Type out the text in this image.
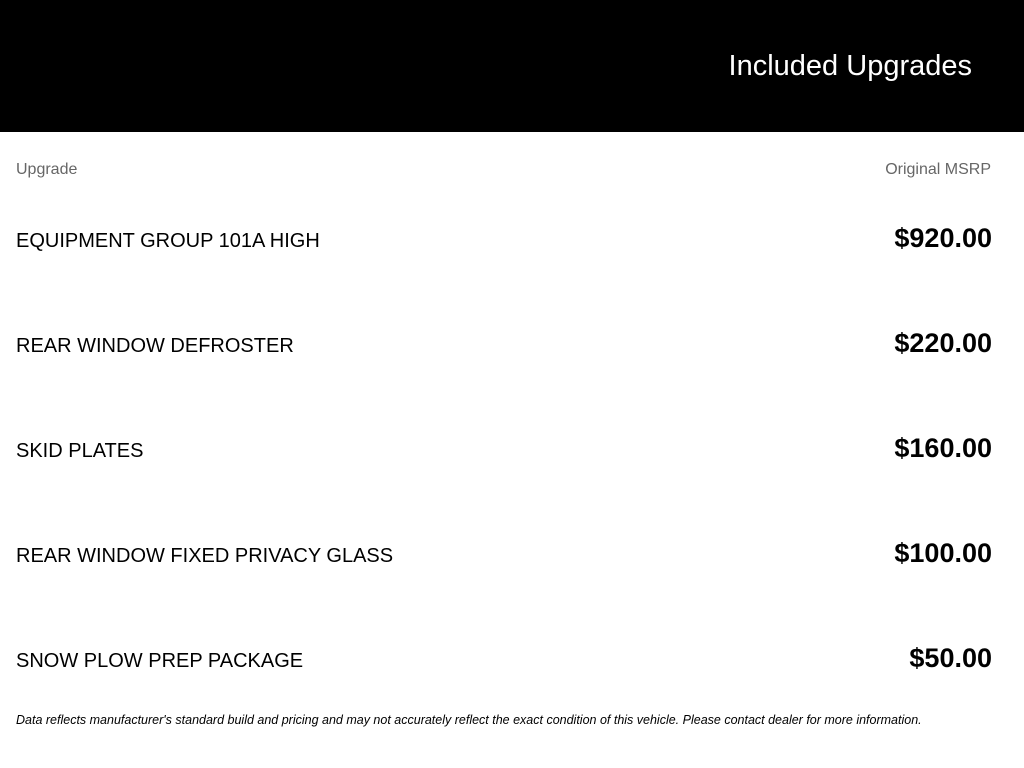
Included Upgrades
Upgrade	Original MSRP
EQUIPMENT GROUP 101A HIGH	$920.00
REAR WINDOW DEFROSTER	$220.00
SKID PLATES	$160.00
REAR WINDOW FIXED PRIVACY GLASS	$100.00
SNOW PLOW PREP PACKAGE	$50.00
Data reflects manufacturer's standard build and pricing and may not accurately reflect the exact condition of this vehicle. Please contact dealer for more information.
